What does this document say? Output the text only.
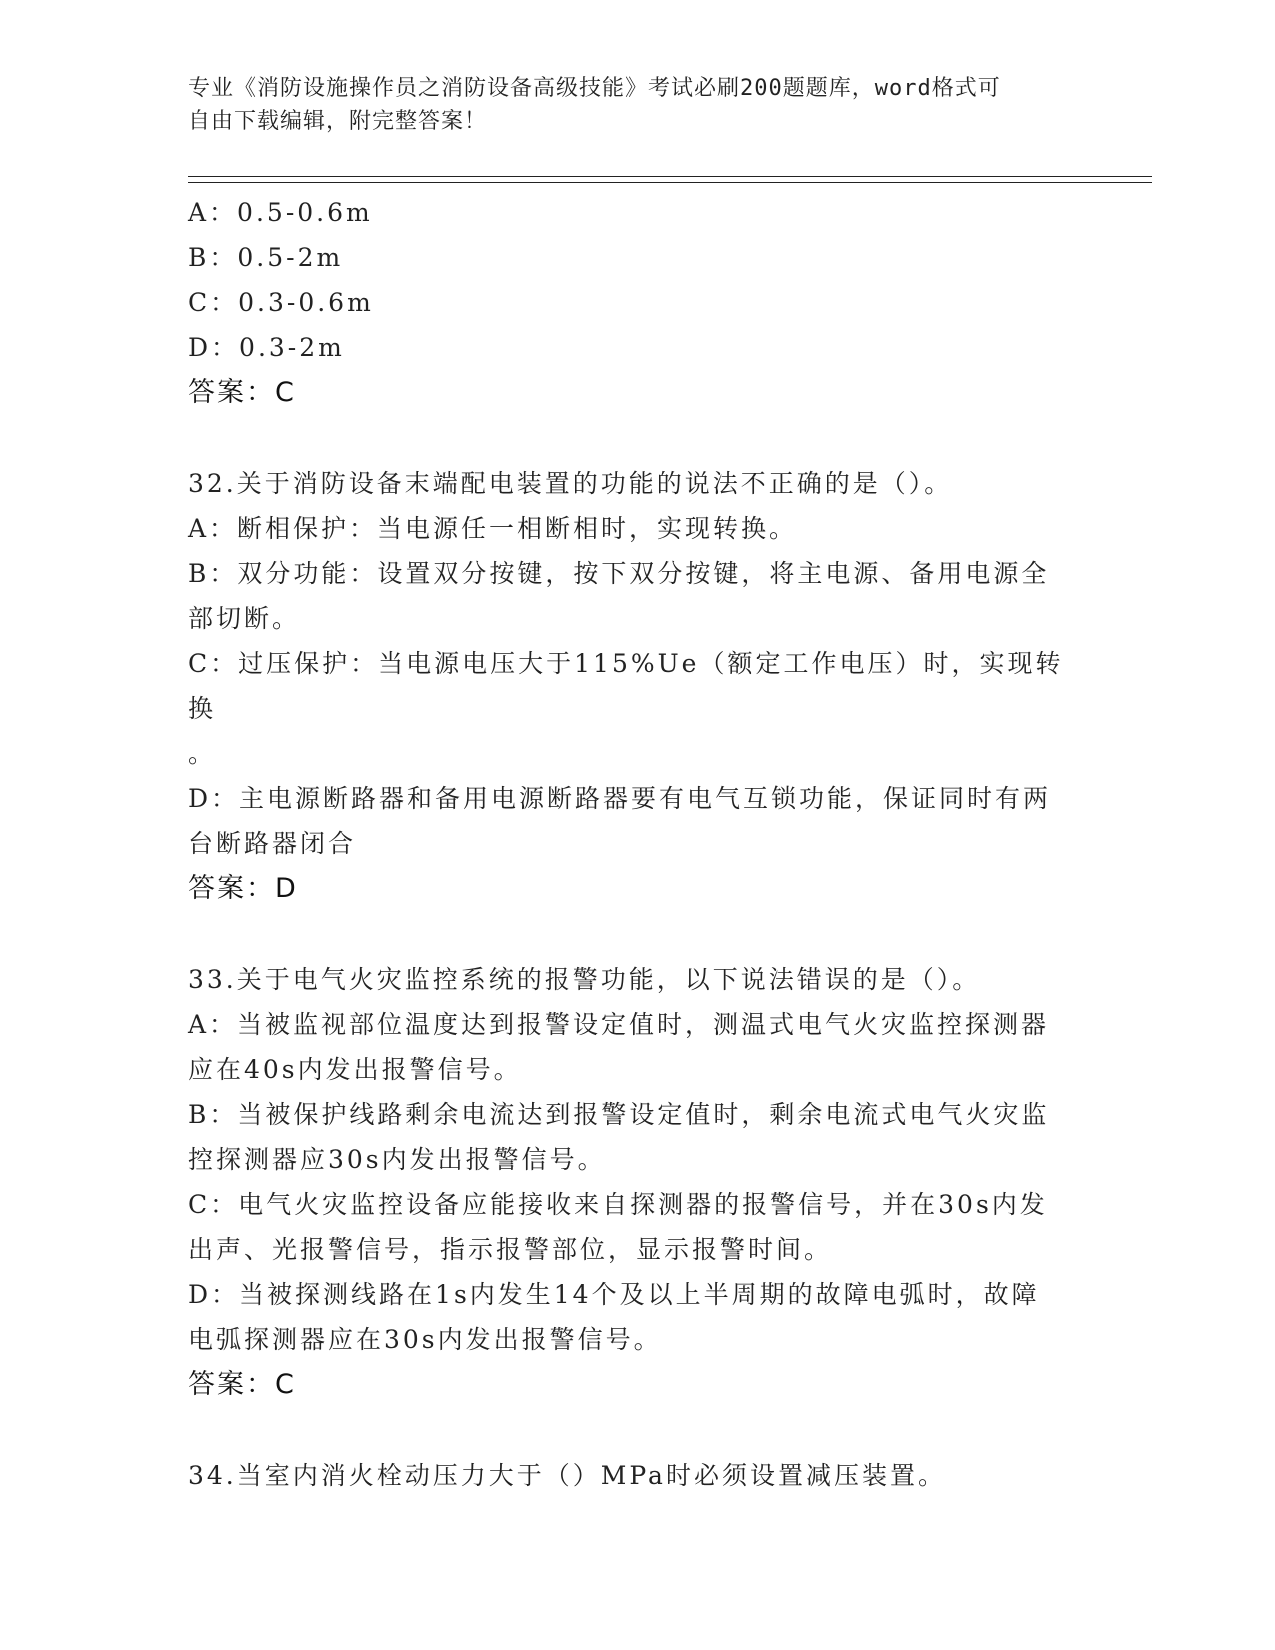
专业《消防设施操作员之消防设备高级技能》考试必刷200题题库，word格式可
自由下载编辑，附完整答案！

A：0.5-0.6m

B：0.5-2m

C：0.3-0.6m

D：0.3-2m

答案：C

32.关于消防设备末端配电装置的功能的说法不正确的是（）。

A：断相保护：当电源任一相断相时，实现转换。

B：双分功能：设置双分按键，按下双分按键，将主电源、备用电源全

部切断。

C：过压保护：当电源电压大于115%Ue（额定工作电压）时，实现转换

。

D：主电源断路器和备用电源断路器要有电气互锁功能，保证同时有两

台断路器闭合

答案：D

33.关于电气火灾监控系统的报警功能，以下说法错误的是（）。

A：当被监视部位温度达到报警设定值时，测温式电气火灾监控探测器

应在40s内发出报警信号。

B：当被保护线路剩余电流达到报警设定值时，剩余电流式电气火灾监

控探测器应30s内发出报警信号。

C：电气火灾监控设备应能接收来自探测器的报警信号，并在30s内发

出声、光报警信号，指示报警部位，显示报警时间。

D：当被探测线路在1s内发生14个及以上半周期的故障电弧时，故障

电弧探测器应在30s内发出报警信号。

答案：C

34.当室内消火栓动压力大于（）MPa时必须设置减压装置。
